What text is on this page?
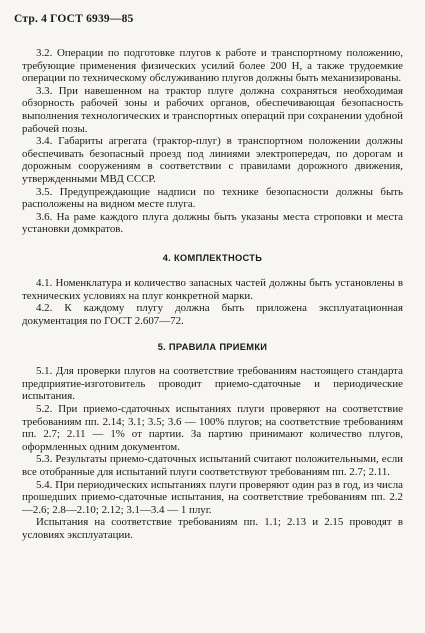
Стр. 4 ГОСТ 6939—85

3.2. Операции по подготовке плугов к работе и транспортному положению, требующие применения физических усилий более 200 Н, а также трудоемкие операции по техническому обслуживанию плугов должны быть механизированы.

3.3. При навешенном на трактор плуге должна сохраняться необходимая обзорность рабочей зоны и рабочих органов, обеспечивающая безопасность выполнения технологических и транспортных операций при сохранении удобной рабочей позы.

3.4. Габариты агрегата (трактор-плуг) в транспортном положении должны обеспечивать безопасный проезд под линиями электропередач, по дорогам и дорожным сооружениям в соответствии с правилами дорожного движения, утвержденными МВД СССР.

3.5. Предупреждающие надписи по технике безопасности должны быть расположены на видном месте плуга.

3.6. На раме каждого плуга должны быть указаны места строповки и места установки домкратов.

4. КОМПЛЕКТНОСТЬ

4.1. Номенклатура и количество запасных частей должны быть установлены в технических условиях на плуг конкретной марки.

4.2. К каждому плугу должна быть приложена эксплуатационная документация по ГОСТ 2.607—72.

5. ПРАВИЛА ПРИЕМКИ

5.1. Для проверки плугов на соответствие требованиям настоящего стандарта предприятие-изготовитель проводит приемо-сдаточные и периодические испытания.

5.2. При приемо-сдаточных испытаниях плуги проверяют на соответствие требованиям пп. 2.14; 3.1; 3.5; 3.6 — 100% плугов; на соответствие требованиям пп. 2.7; 2.11 — 1% от партии. За партию принимают количество плугов, оформленных одним документом.

5.3. Результаты приемо-сдаточных испытаний считают положительными, если все отобранные для испытаний плуги соответствуют требованиям пп. 2.7; 2.11.

5.4. При периодических испытаниях плуги проверяют один раз в год, из числа прошедших приемо-сдаточные испытания, на соответствие требованиям пп. 2.2—2.6; 2.8—2.10; 2.12; 3.1—3.4 — 1 плуг.

Испытания на соответствие требованиям пп. 1.1; 2.13 и 2.15 проводят в условиях эксплуатации.
